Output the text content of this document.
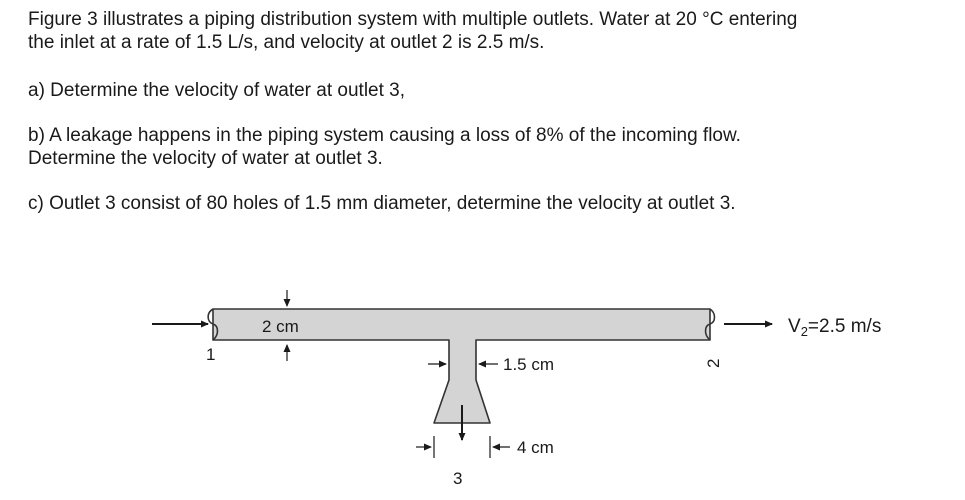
Figure 3 illustrates a piping distribution system with multiple outlets. Water at 20 °C entering
the inlet at a rate of 1.5 L/s, and velocity at outlet 2 is 2.5 m/s.

a) Determine the velocity of water at outlet 3,

b) A leakage happens in the piping system causing a loss of 8% of the incoming flow.
Determine the velocity of water at outlet 3.

c) Outlet 3 consist of 80 holes of 1.5 mm diameter, determine the velocity at outlet 3.

2 cm
1
1.5 cm
4 cm
3
2
$V_2=2.5$ m/s
